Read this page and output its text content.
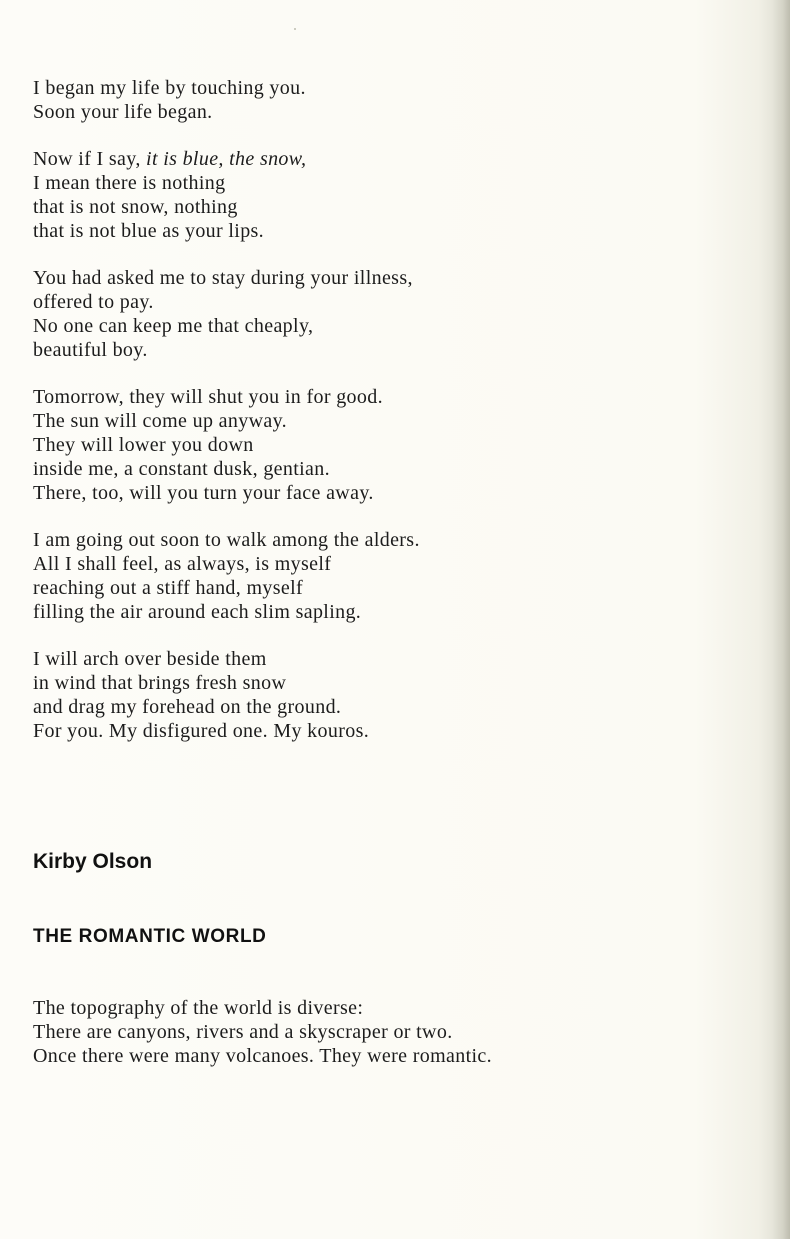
I began my life by touching you.
Soon your life began.
Now if I say, it is blue, the snow,
I mean there is nothing
that is not snow, nothing
that is not blue as your lips.
You had asked me to stay during your illness,
offered to pay.
No one can keep me that cheaply,
beautiful boy.
Tomorrow, they will shut you in for good.
The sun will come up anyway.
They will lower you down
inside me, a constant dusk, gentian.
There, too, will you turn your face away.
I am going out soon to walk among the alders.
All I shall feel, as always, is myself
reaching out a stiff hand, myself
filling the air around each slim sapling.
I will arch over beside them
in wind that brings fresh snow
and drag my forehead on the ground.
For you. My disfigured one. My kouros.
Kirby Olson
THE ROMANTIC WORLD
The topography of the world is diverse:
There are canyons, rivers and a skyscraper or two.
Once there were many volcanoes. They were romantic.
